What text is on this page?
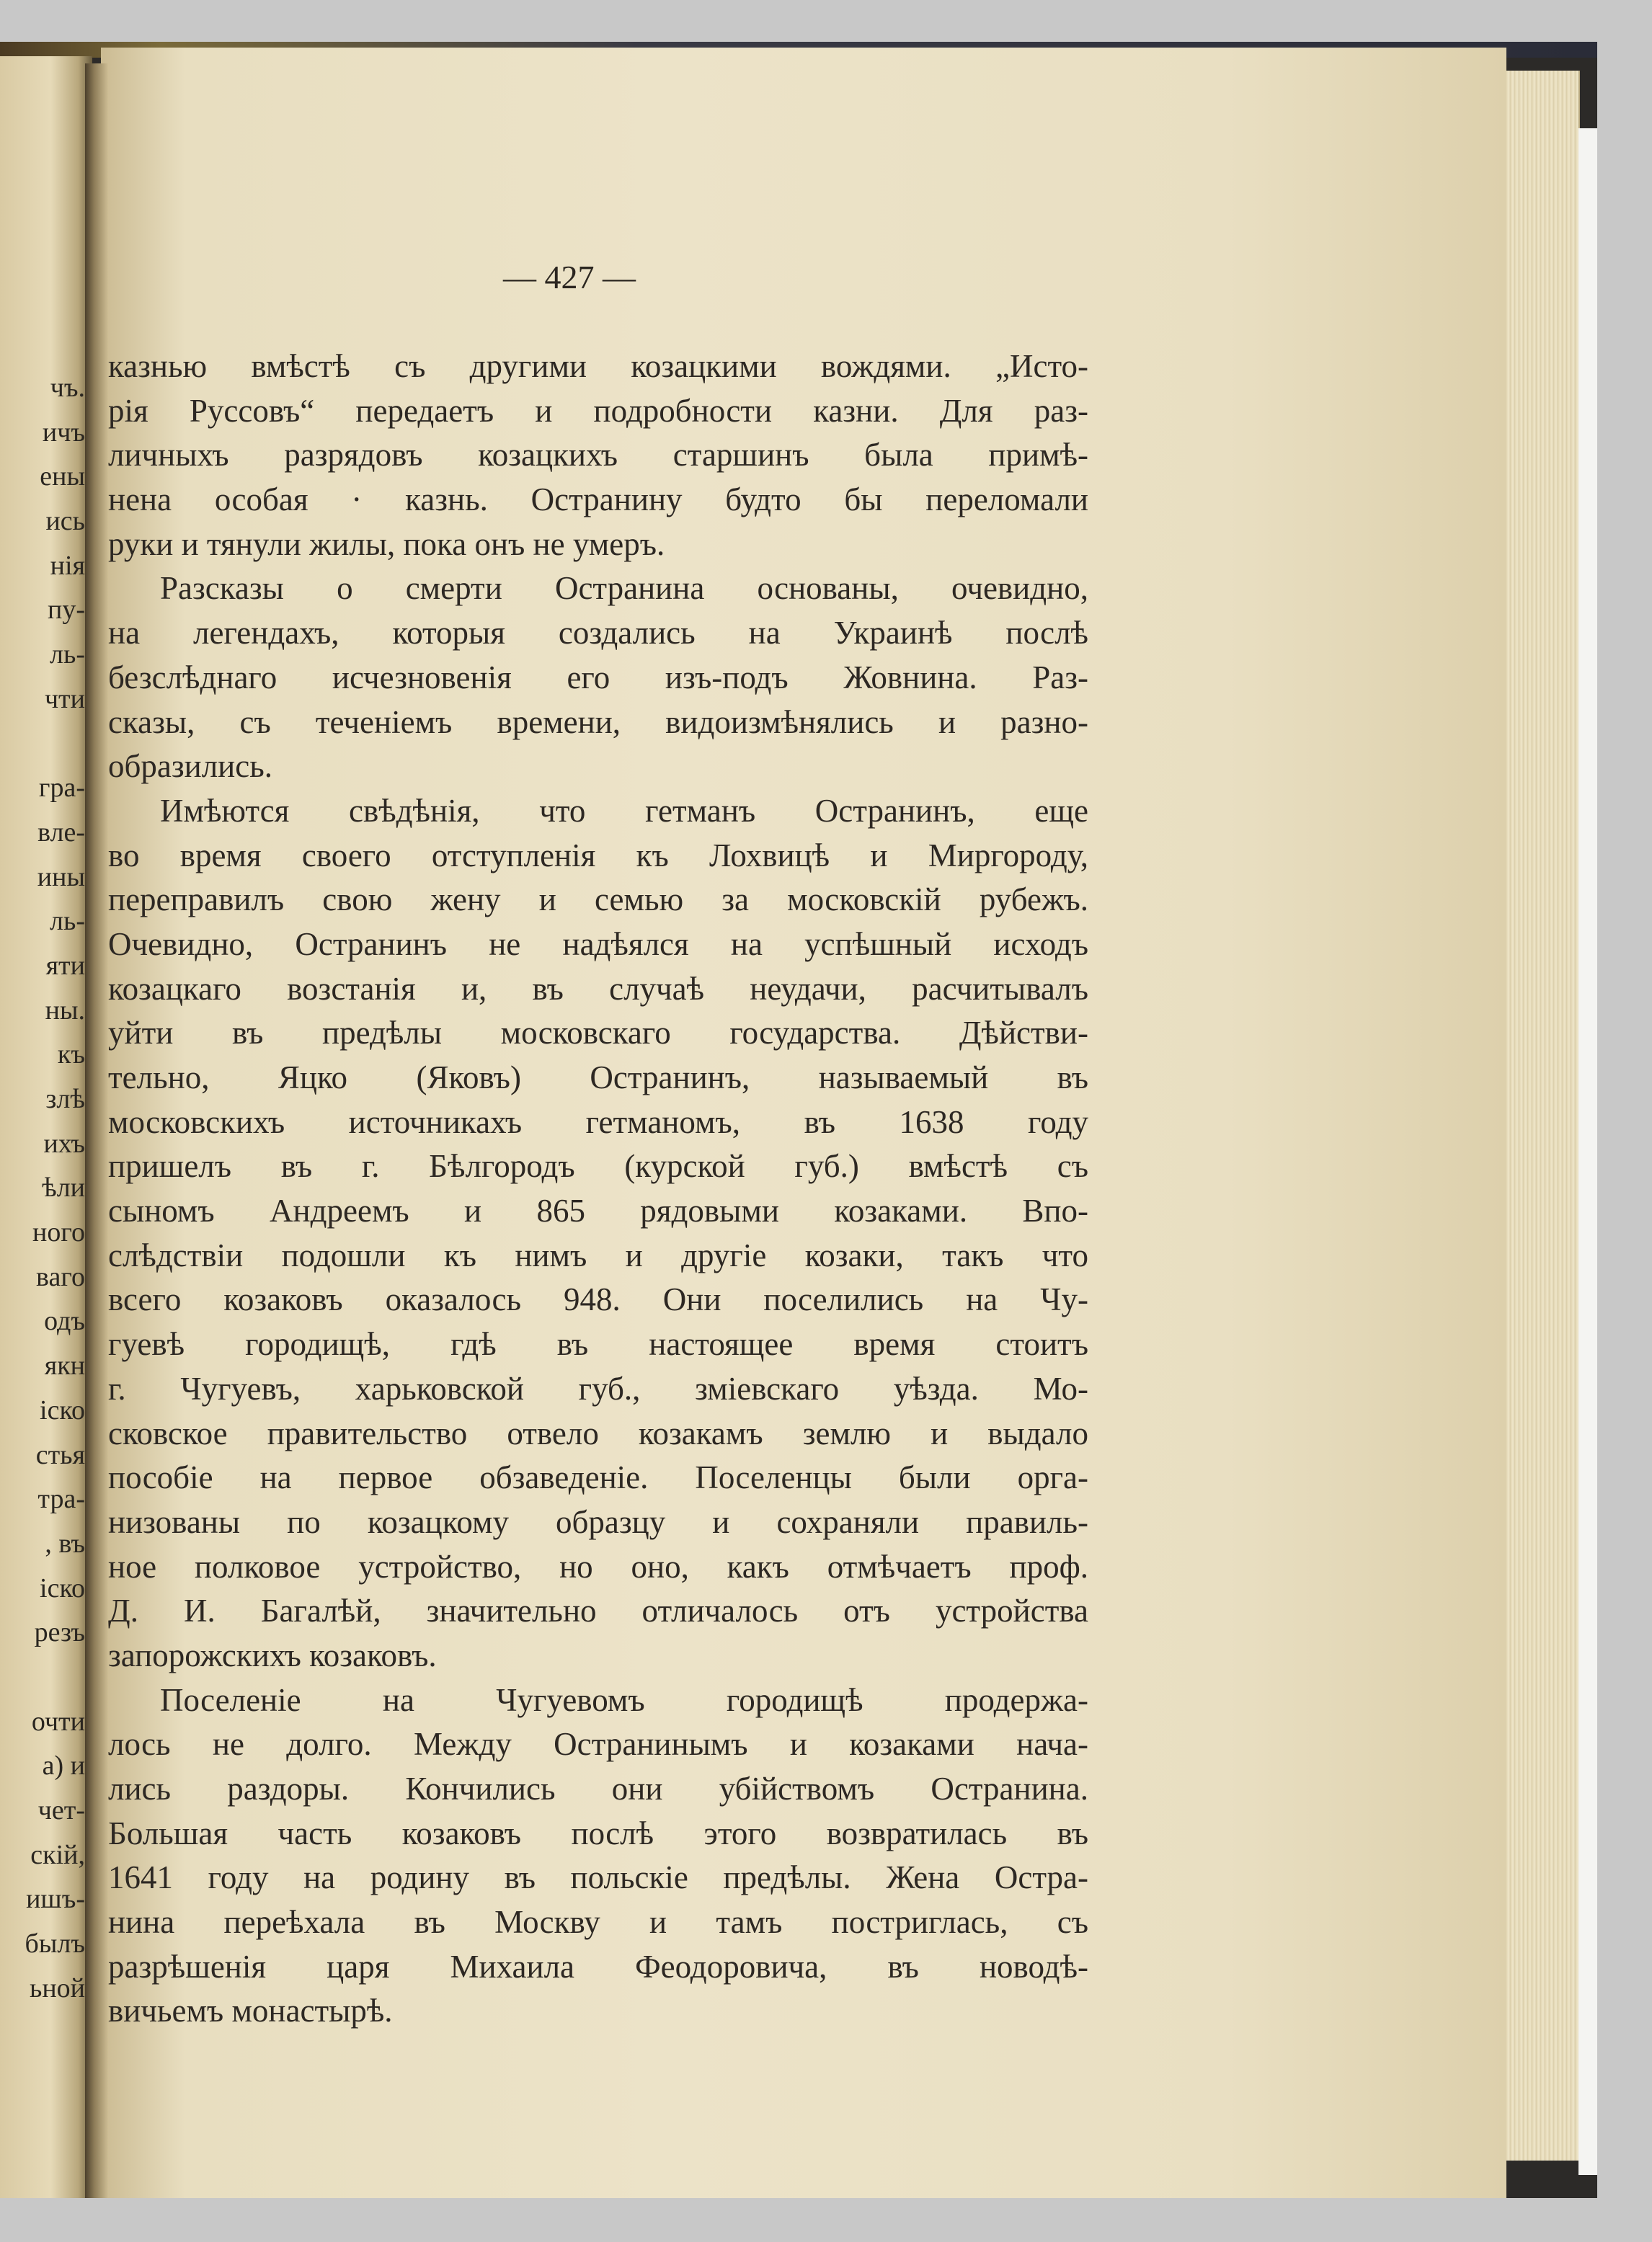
чъ.
ичъ
ены
ись
нія
пу-
ль-
чти
гра-
вле-
ины
ль-
яти
ны.
къ
злѣ
ихъ
ѣли
ного
ваго
одъ
якн
іско
стья
тра-
, въ
іско
резъ
очти
а) и
чет-
скій,
ишъ-
былъ
ьной
— 427 —
казнью вмѣстѣ съ другими козацкими вождями. „Исто-
рія Руссовъ“ передаетъ и подробности казни. Для раз-
личныхъ разрядовъ козацкихъ старшинъ была примѣ-
нена особая · казнь. Остранину будто бы переломали
руки и тянули жилы, пока онъ не умеръ.
Разсказы о смерти Остранина основаны, очевидно,
на легендахъ, которыя создались на Украинѣ послѣ
безслѣднаго исчезновенія его изъ-подъ Жовнина. Раз-
сказы, съ теченіемъ времени, видоизмѣнялись и разно-
образились.
Имѣются свѣдѣнія, что гетманъ Остранинъ, еще
во время своего отступленія къ Лохвицѣ и Миргороду,
переправилъ свою жену и семью за московскій рубежъ.
Очевидно, Остранинъ не надѣялся на успѣшный исходъ
козацкаго возстанія и, въ случаѣ неудачи, расчитывалъ
уйти въ предѣлы московскаго государства. Дѣйстви-
тельно, Яцко (Яковъ) Остранинъ, называемый въ
московскихъ источникахъ гетманомъ, въ 1638 году
пришелъ въ г. Бѣлгородъ (курской губ.) вмѣстѣ съ
сыномъ Андреемъ и 865 рядовыми козаками. Впо-
слѣдствіи подошли къ нимъ и другіе козаки, такъ что
всего козаковъ оказалось 948. Они поселились на Чу-
гуевѣ городищѣ, гдѣ въ настоящее время стоитъ
г. Чугуевъ, харьковской губ., зміевскаго уѣзда. Мо-
сковское правительство отвело козакамъ землю и выдало
пособіе на первое обзаведеніе. Поселенцы были орга-
низованы по козацкому образцу и сохраняли правиль-
ное полковое устройство, но оно, какъ отмѣчаетъ проф.
Д. И. Багалѣй, значительно отличалось отъ устройства
запорожскихъ козаковъ.
Поселеніе на Чугуевомъ городищѣ продержа-
лось не долго. Между Остранинымъ и козаками нача-
лись раздоры. Кончились они убійствомъ Остранина.
Большая часть козаковъ послѣ этого возвратилась въ
1641 году на родину въ польскіе предѣлы. Жена Остра-
нина переѣхала въ Москву и тамъ постриглась, съ
разрѣшенія царя Михаила Феодоровича, въ новодѣ-
вичьемъ монастырѣ.
